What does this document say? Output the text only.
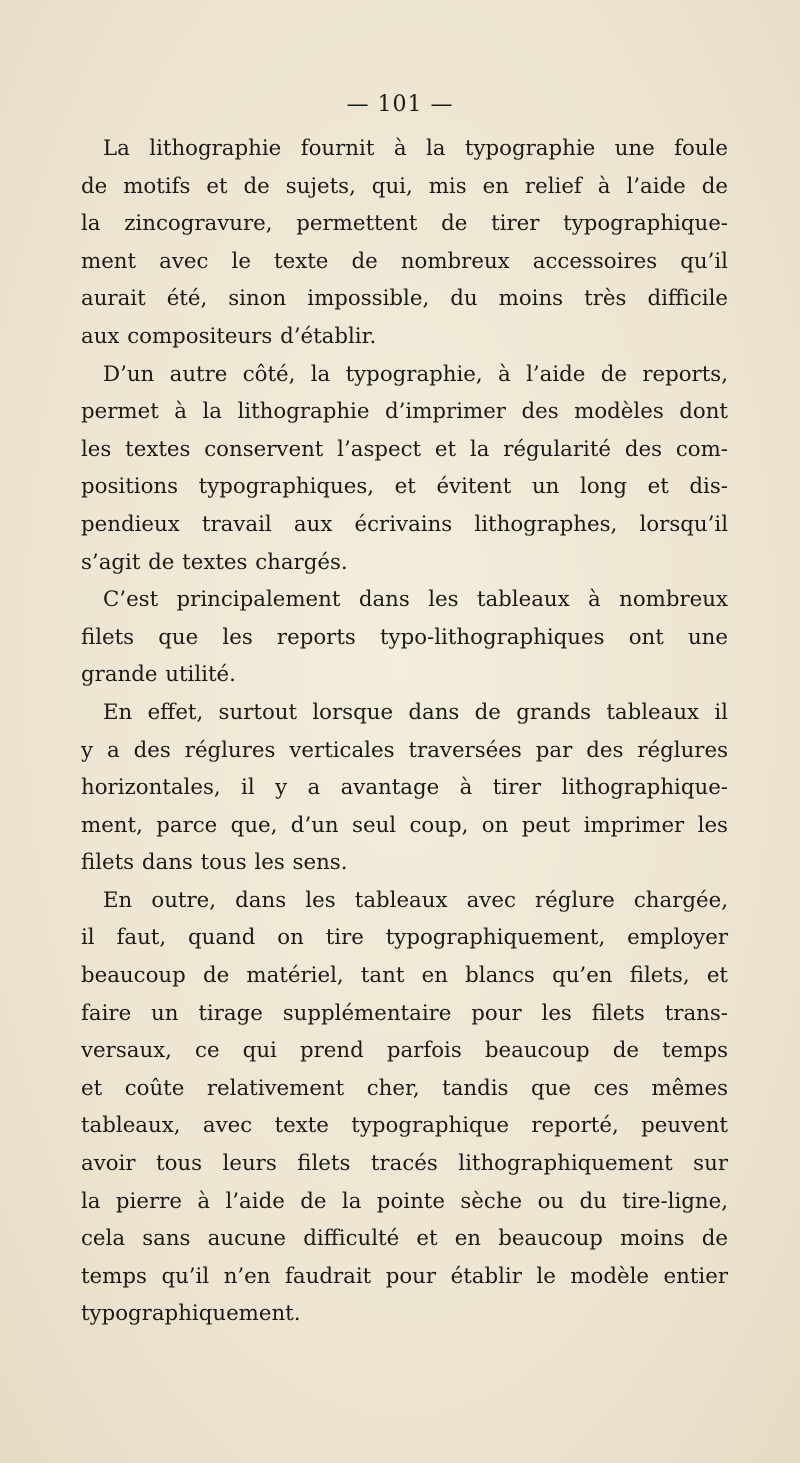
— 101 —
La lithographie fournit à la typographie une foule
de motifs et de sujets, qui, mis en relief à l’aide de
la zincogravure, permettent de tirer typographique-
ment avec le texte de nombreux accessoires qu’il
aurait été, sinon impossible, du moins très difficile
aux compositeurs d’établir.
D’un autre côté, la typographie, à l’aide de reports,
permet à la lithographie d’imprimer des modèles dont
les textes conservent l’aspect et la régularité des com-
positions typographiques, et évitent un long et dis-
pendieux travail aux écrivains lithographes, lorsqu’il
s’agit de textes chargés.
C’est principalement dans les tableaux à nombreux
filets que les reports typo-lithographiques ont une
grande utilité.
En effet, surtout lorsque dans de grands tableaux il
y a des réglures verticales traversées par des réglures
horizontales, il y a avantage à tirer lithographique-
ment, parce que, d’un seul coup, on peut imprimer les
filets dans tous les sens.
En outre, dans les tableaux avec réglure chargée,
il faut, quand on tire typographiquement, employer
beaucoup de matériel, tant en blancs qu’en filets, et
faire un tirage supplémentaire pour les filets trans-
versaux, ce qui prend parfois beaucoup de temps
et coûte relativement cher, tandis que ces mêmes
tableaux, avec texte typographique reporté, peuvent
avoir tous leurs filets tracés lithographiquement sur
la pierre à l’aide de la pointe sèche ou du tire-ligne,
cela sans aucune difficulté et en beaucoup moins de
temps qu’il n’en faudrait pour établir le modèle entier
typographiquement.
